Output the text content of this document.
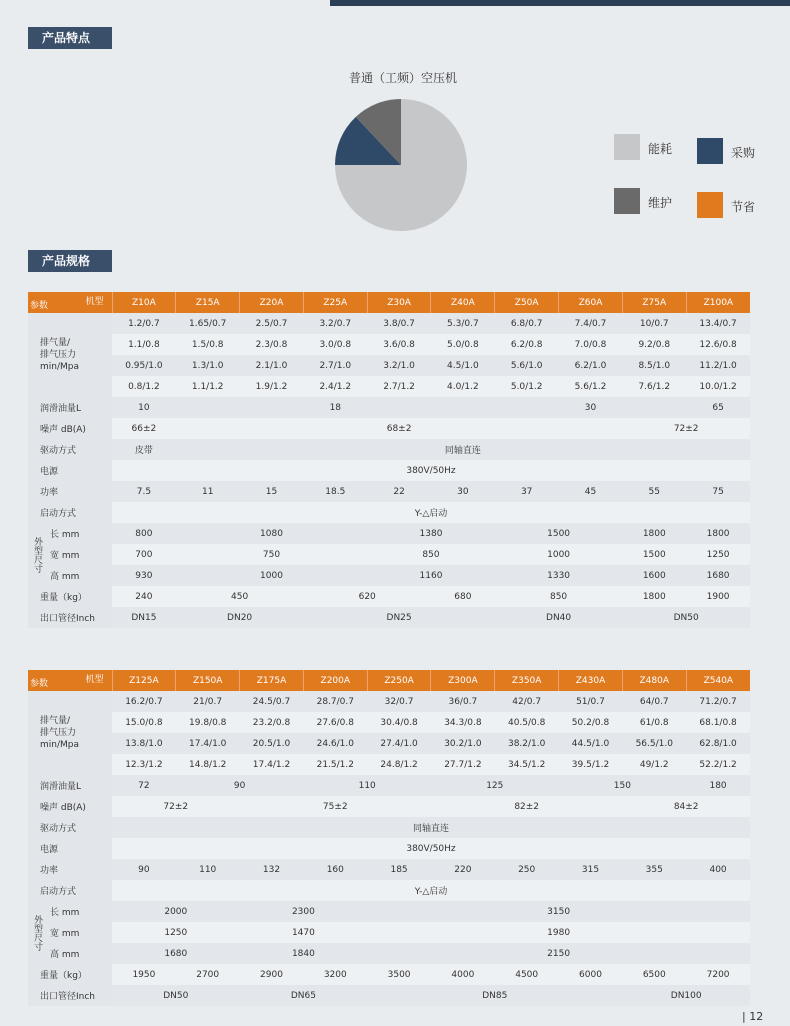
产品特点
普通（工频）空压机
能耗	采购
维护	节省
产品规格
参数 机型		Z10A	Z15A	Z20A	Z25A	Z30A	Z40A	Z50A	Z60A	Z75A	Z100A
排气量/
排气压力
min/Mpa		1.2/0.7	1.65/0.7	2.5/0.7	3.2/0.7	3.8/0.7	5.3/0.7	6.8/0.7	7.4/0.7	10/0.7	13.4/0.7
		1.1/0.8	1.5/0.8	2.3/0.8	3.0/0.8	3.6/0.8	5.0/0.8	6.2/0.8	7.0/0.8	9.2/0.8	12.6/0.8
		0.95/1.0	1.3/1.0	2.1/1.0	2.7/1.0	3.2/1.0	4.5/1.0	5.6/1.0	6.2/1.0	8.5/1.0	11.2/1.0
		0.8/1.2	1.1/1.2	1.9/1.2	2.4/1.2	2.7/1.2	4.0/1.2	5.0/1.2	5.6/1.2	7.6/1.2	10.0/1.2
润滑油量L		10	18					30			65
噪声 dB(A)		66±2	68±2							72±2	
驱动方式		皮带	同轴直连								
电源		380V/50Hz									
功率		7.5	11	15	18.5	22	30	37	45	55	75
启动方式		Y-△启动									
外型尺寸	长 mm	800	1080			1380		1500		1800	1800
	宽 mm	700	750			850		1000		1500	1250
	高 mm	930	1000			1160		1330		1600	1680
重量（kg）		240	450		620		680	850		1800	1900
出口管径Inch		DN15	DN20		DN25			DN40		DN50	
参数 机型		Z125A	Z150A	Z175A	Z200A	Z250A	Z300A	Z350A	Z430A	Z480A	Z540A
排气量/
排气压力
min/Mpa		16.2/0.7	21/0.7	24.5/0.7	28.7/0.7	32/0.7	36/0.7	42/0.7	51/0.7	64/0.7	71.2/0.7
		15.0/0.8	19.8/0.8	23.2/0.8	27.6/0.8	30.4/0.8	34.3/0.8	40.5/0.8	50.2/0.8	61/0.8	68.1/0.8
		13.8/1.0	17.4/1.0	20.5/1.0	24.6/1.0	27.4/1.0	30.2/1.0	38.2/1.0	44.5/1.0	56.5/1.0	62.8/1.0
		12.3/1.2	14.8/1.2	17.4/1.2	21.5/1.2	24.8/1.2	27.7/1.2	34.5/1.2	39.5/1.2	49/1.2	52.2/1.2
润滑油量L		72	90		110		125		150		180
噪声 dB(A)		72±2		75±2			82±2			84±2	
驱动方式		同轴直连									
电源		380V/50Hz									
功率		90	110	132	160	185	220	250	315	355	400
启动方式		Y-△启动									
外型尺寸	长 mm	2000		2300		3150					
	宽 mm	1250		1470		1980					
	高 mm	1680		1840		2150					
重量（kg）		1950	2700	2900	3200	3500	4000	4500	6000	6500	7200
出口管径Inch		DN50		DN65		DN85				DN100	
| 12
